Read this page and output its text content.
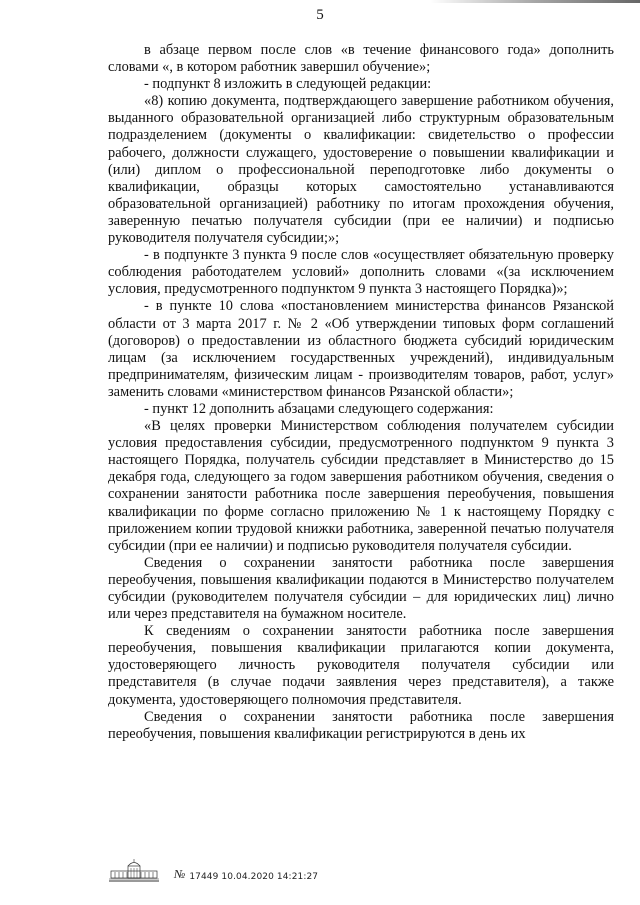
5

в абзаце первом после слов «в течение финансового года» дополнить словами «, в котором работник завершил обучение»;

- подпункт 8 изложить в следующей редакции:

«8) копию документа, подтверждающего завершение работником обучения, выданного образовательной организацией либо структурным образовательным подразделением (документы о квалификации: свидетельство о профессии рабочего, должности служащего, удостоверение о повышении квалификации и (или) диплом о профессиональной переподготовке либо документы о квалификации, образцы которых самостоятельно устанавливаются образовательной организацией) работнику по итогам прохождения обучения, заверенную печатью получателя субсидии (при ее наличии) и подписью руководителя получателя субсидии;»;

- в подпункте 3 пункта 9 после слов «осуществляет обязательную проверку соблюдения работодателем условий» дополнить словами «(за исключением условия, предусмотренного подпунктом 9 пункта 3 настоящего Порядка)»;

- в пункте 10 слова «постановлением министерства финансов Рязанской области от 3 марта 2017 г. № 2 «Об утверждении типовых форм соглашений (договоров) о предоставлении из областного бюджета субсидий юридическим лицам (за исключением государственных учреждений), индивидуальным предпринимателям, физическим лицам - производителям товаров, работ, услуг» заменить словами «министерством финансов Рязанской области»;

- пункт 12 дополнить абзацами следующего содержания:

«В целях проверки Министерством соблюдения получателем субсидии условия предоставления субсидии, предусмотренного подпунктом 9 пункта 3 настоящего Порядка, получатель субсидии представляет в Министерство до 15 декабря года, следующего за годом завершения работником обучения, сведения о сохранении занятости работника после завершения переобучения, повышения квалификации по форме согласно приложению № 1 к настоящему Порядку с приложением копии трудовой книжки работника, заверенной печатью получателя субсидии (при ее наличии) и подписью руководителя получателя субсидии.

Сведения о сохранении занятости работника после завершения переобучения, повышения квалификации подаются в Министерство получателем субсидии (руководителем получателя субсидии – для юридических лиц) лично или через представителя на бумажном носителе.

К сведениям о сохранении занятости работника после завершения переобучения, повышения квалификации прилагаются копии документа, удостоверяющего личность руководителя получателя субсидии или представителя (в случае подачи заявления через представителя), а также документа, удостоверяющего полномочия представителя.

Сведения о сохранении занятости работника после завершения переобучения, повышения квалификации регистрируются в день их

№ 17449 10.04.2020 14:21:27
